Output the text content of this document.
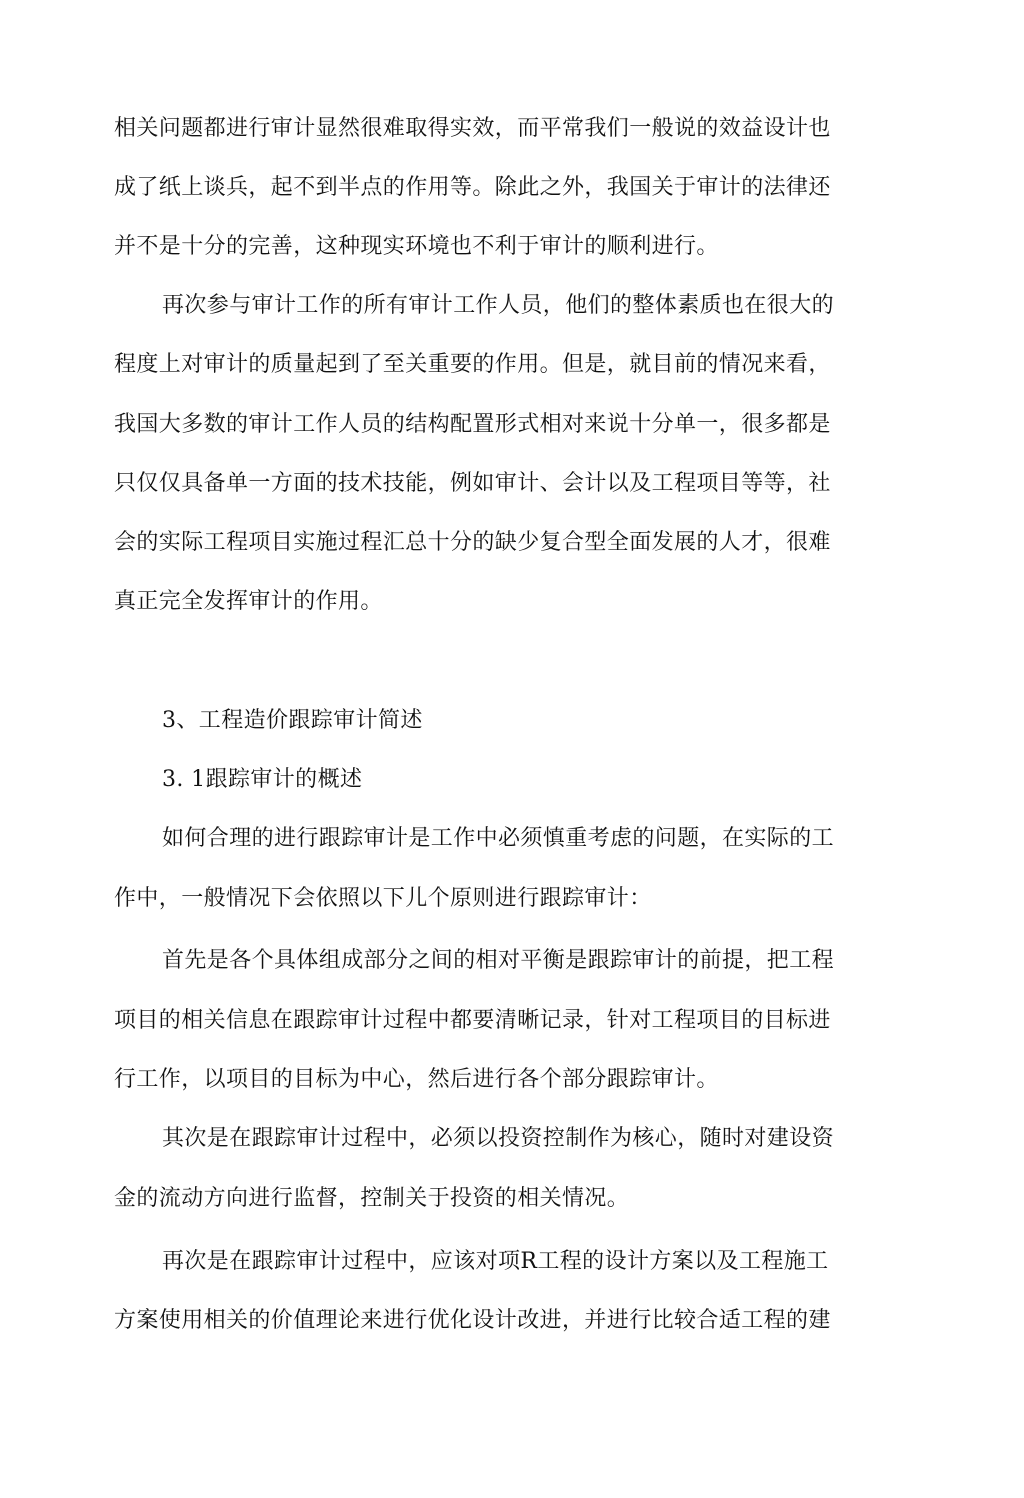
相关问题都进行审计显然很难取得实效，而平常我们一般说的效益设计也
成了纸上谈兵，起不到半点的作用等。除此之外，我国关于审计的法律还
并不是十分的完善，这种现实环境也不利于审计的顺利进行。
再次参与审计工作的所有审计工作人员，他们的整体素质也在很大的
程度上对审计的质量起到了至关重要的作用。但是，就目前的情况来看，
我国大多数的审计工作人员的结构配置形式相对来说十分单一，很多都是
只仅仅具备单一方面的技术技能，例如审计、会计以及工程项目等等，社
会的实际工程项目实施过程汇总十分的缺少复合型全面发展的人才，很难
真正完全发挥审计的作用。
3、工程造价跟踪审计简述
3. 1跟踪审计的概述
如何合理的进行跟踪审计是工作中必须慎重考虑的问题，在实际的工
作中，一般情况下会依照以下儿个原则进行跟踪审计：
首先是各个具体组成部分之间的相对平衡是跟踪审计的前提，把工程
项目的相关信息在跟踪审计过程中都要清晰记录，针对工程项目的目标进
行工作，以项目的目标为中心，然后进行各个部分跟踪审计。
其次是在跟踪审计过程中，必须以投资控制作为核心，随时对建设资
金的流动方向进行监督，控制关于投资的相关情况。
再次是在跟踪审计过程中，应该对项R工程的设计方案以及工程施工
方案使用相关的价值理论来进行优化设计改进，并进行比较合适工程的建
